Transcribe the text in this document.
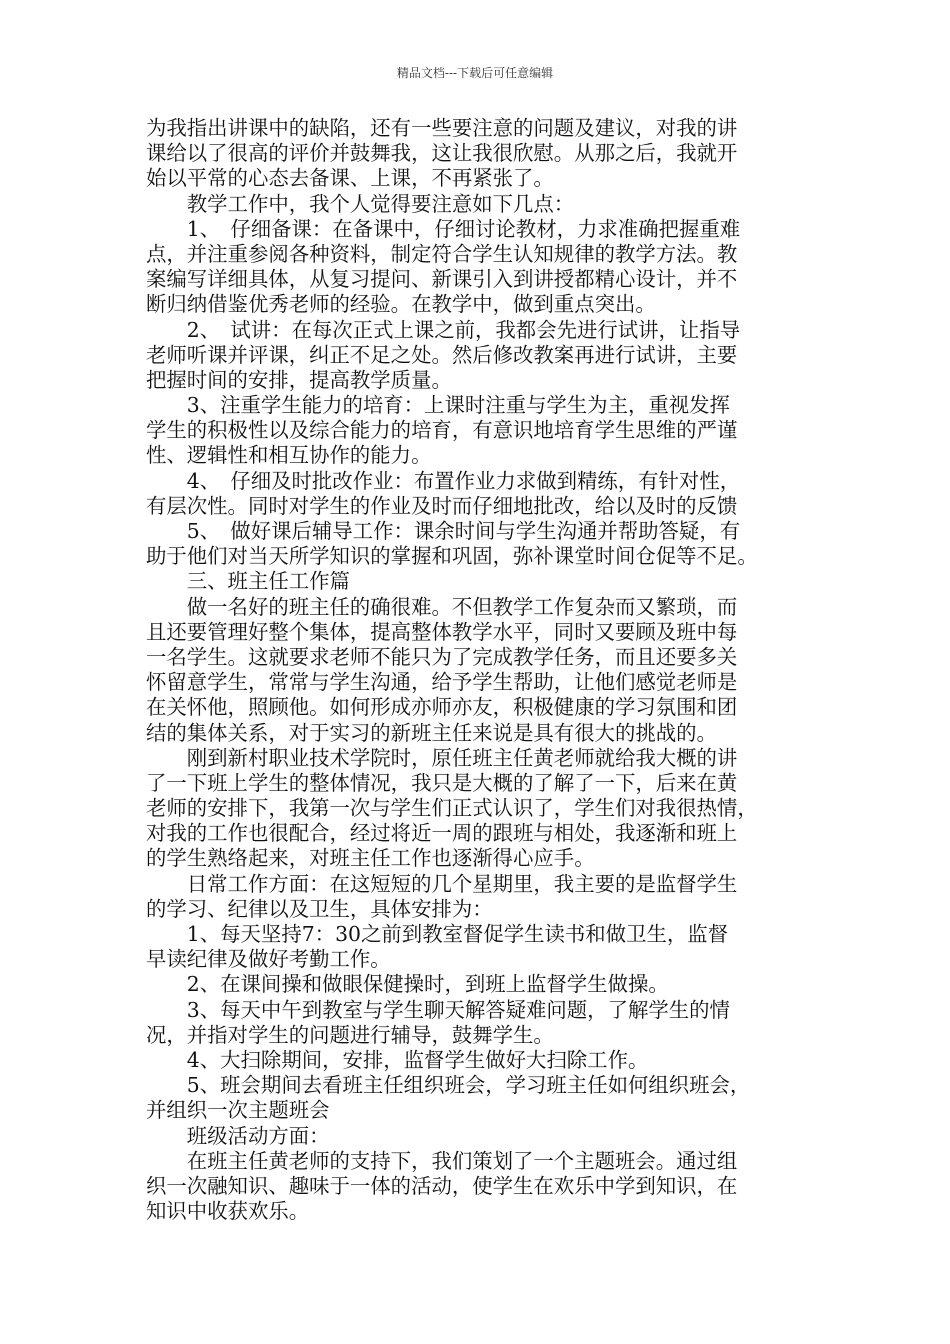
精品文档---下载后可任意编辑
为我指出讲课中的缺陷，还有一些要注意的问题及建议，对我的讲
课给以了很高的评价并鼓舞我，这让我很欣慰。从那之后，我就开
始以平常的心态去备课、上课，不再紧张了。
　　教学工作中，我个人觉得要注意如下几点：
　　1、　仔细备课：在备课中，仔细讨论教材，力求准确把握重难
点，并注重参阅各种资料，制定符合学生认知规律的教学方法。教
案编写详细具体，从复习提问、新课引入到讲授都精心设计，并不
断归纳借鉴优秀老师的经验。在教学中，做到重点突出。
　　2、　试讲：在每次正式上课之前，我都会先进行试讲，让指导
老师听课并评课，纠正不足之处。然后修改教案再进行试讲，主要
把握时间的安排，提高教学质量。
　　3、注重学生能力的培育：上课时注重与学生为主，重视发挥
学生的积极性以及综合能力的培育，有意识地培育学生思维的严谨
性、逻辑性和相互协作的能力。
　　4、　仔细及时批改作业：布置作业力求做到精练，有针对性，
有层次性。同时对学生的作业及时而仔细地批改，给以及时的反馈
　　5、　做好课后辅导工作：课余时间与学生沟通并帮助答疑，有
助于他们对当天所学知识的掌握和巩固，弥补课堂时间仓促等不足。
　　三、班主任工作篇
　　做一名好的班主任的确很难。不但教学工作复杂而又繁琐，而
且还要管理好整个集体，提高整体教学水平，同时又要顾及班中每
一名学生。这就要求老师不能只为了完成教学任务，而且还要多关
怀留意学生，常常与学生沟通，给予学生帮助，让他们感觉老师是
在关怀他，照顾他。如何形成亦师亦友，积极健康的学习氛围和团
结的集体关系，对于实习的新班主任来说是具有很大的挑战的。
　　刚到新村职业技术学院时，原任班主任黄老师就给我大概的讲
了一下班上学生的整体情况，我只是大概的了解了一下，后来在黄
老师的安排下，我第一次与学生们正式认识了，学生们对我很热情，
对我的工作也很配合，经过将近一周的跟班与相处，我逐渐和班上
的学生熟络起来，对班主任工作也逐渐得心应手。
　　日常工作方面：在这短短的几个星期里，我主要的是监督学生
的学习、纪律以及卫生，具体安排为：
　　1、每天坚持7：30之前到教室督促学生读书和做卫生，监督
早读纪律及做好考勤工作。
　　2、在课间操和做眼保健操时，到班上监督学生做操。
　　3、每天中午到教室与学生聊天解答疑难问题，了解学生的情
况，并指对学生的问题进行辅导，鼓舞学生。
　　4、大扫除期间，安排，监督学生做好大扫除工作。
　　5、班会期间去看班主任组织班会，学习班主任如何组织班会，
并组织一次主题班会
　　班级活动方面：
　　在班主任黄老师的支持下，我们策划了一个主题班会。通过组
织一次融知识、趣味于一体的活动，使学生在欢乐中学到知识，在
知识中收获欢乐。
